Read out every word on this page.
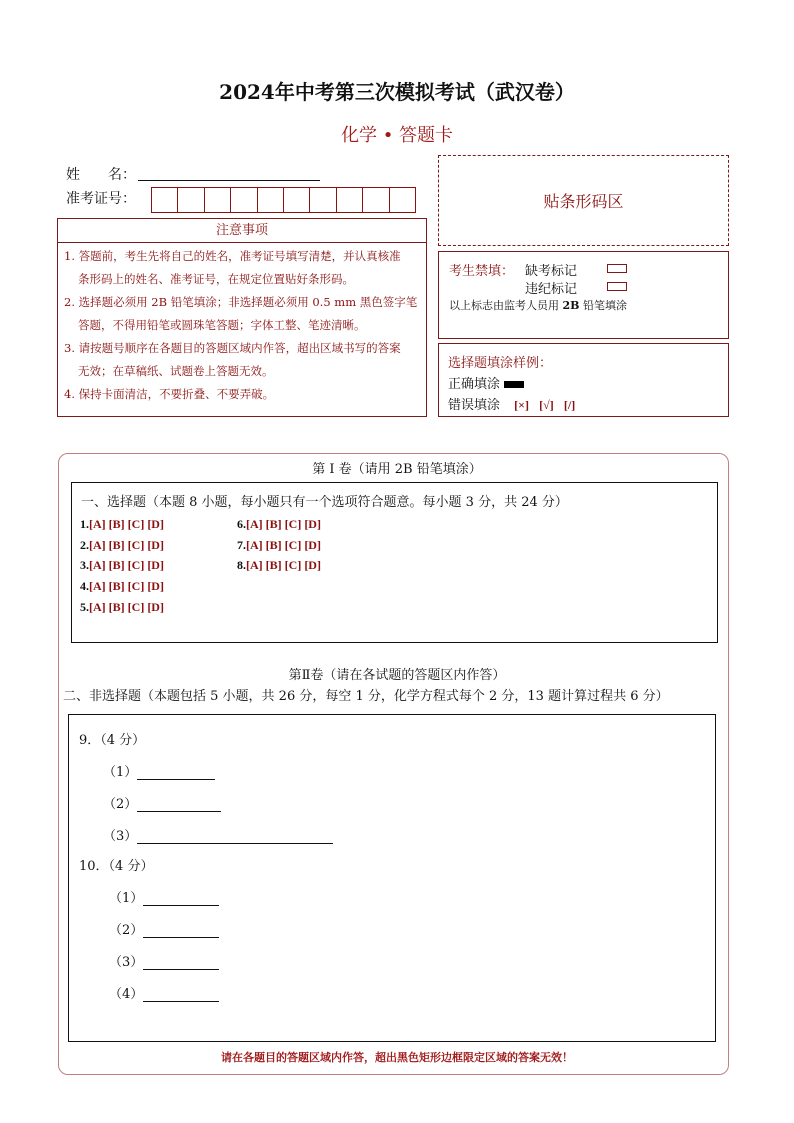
2024年中考第三次模拟考试（武汉卷）
化学 • 答题卡
姓　　名：
准考证号：
注意事项
1. 答题前，考生先将自己的姓名，准考证号填写清楚，并认真核准
条形码上的姓名、准考证号，在规定位置贴好条形码。
2. 选择题必须用 2B 铅笔填涂；非选择题必须用 0.5 mm 黑色签字笔
答题，不得用铅笔或圆珠笔答题；字体工整、笔迹清晰。
3. 请按题号顺序在各题目的答题区域内作答，超出区域书写的答案
无效；在草稿纸、试题卷上答题无效。
4. 保持卡面清洁，不要折叠、不要弄破。
贴条形码区
考生禁填： 缺考标记
违纪标记
以上标志由监考人员用 2B 铅笔填涂
选择题填涂样例：
正确填涂
错误填涂 [×] [√] [/]
第 I 卷（请用 2B 铅笔填涂）
一、选择题（本题 8 小题，每小题只有一个选项符合题意。每小题 3 分，共 24 分）
1.[A] [B] [C] [D]
2.[A] [B] [C] [D]
3.[A] [B] [C] [D]
4.[A] [B] [C] [D]
5.[A] [B] [C] [D]
6.[A] [B] [C] [D]
7.[A] [B] [C] [D]
8.[A] [B] [C] [D]
第Ⅱ卷（请在各试题的答题区内作答）
二、非选择题（本题包括 5 小题，共 26 分，每空 1 分，化学方程式每个 2 分，13 题计算过程共 6 分）
9．（4 分）
（1）
（2）
（3）
10．（4 分）
（1）
（2）
（3）
（4）
请在各题目的答题区域内作答，超出黑色矩形边框限定区域的答案无效！
